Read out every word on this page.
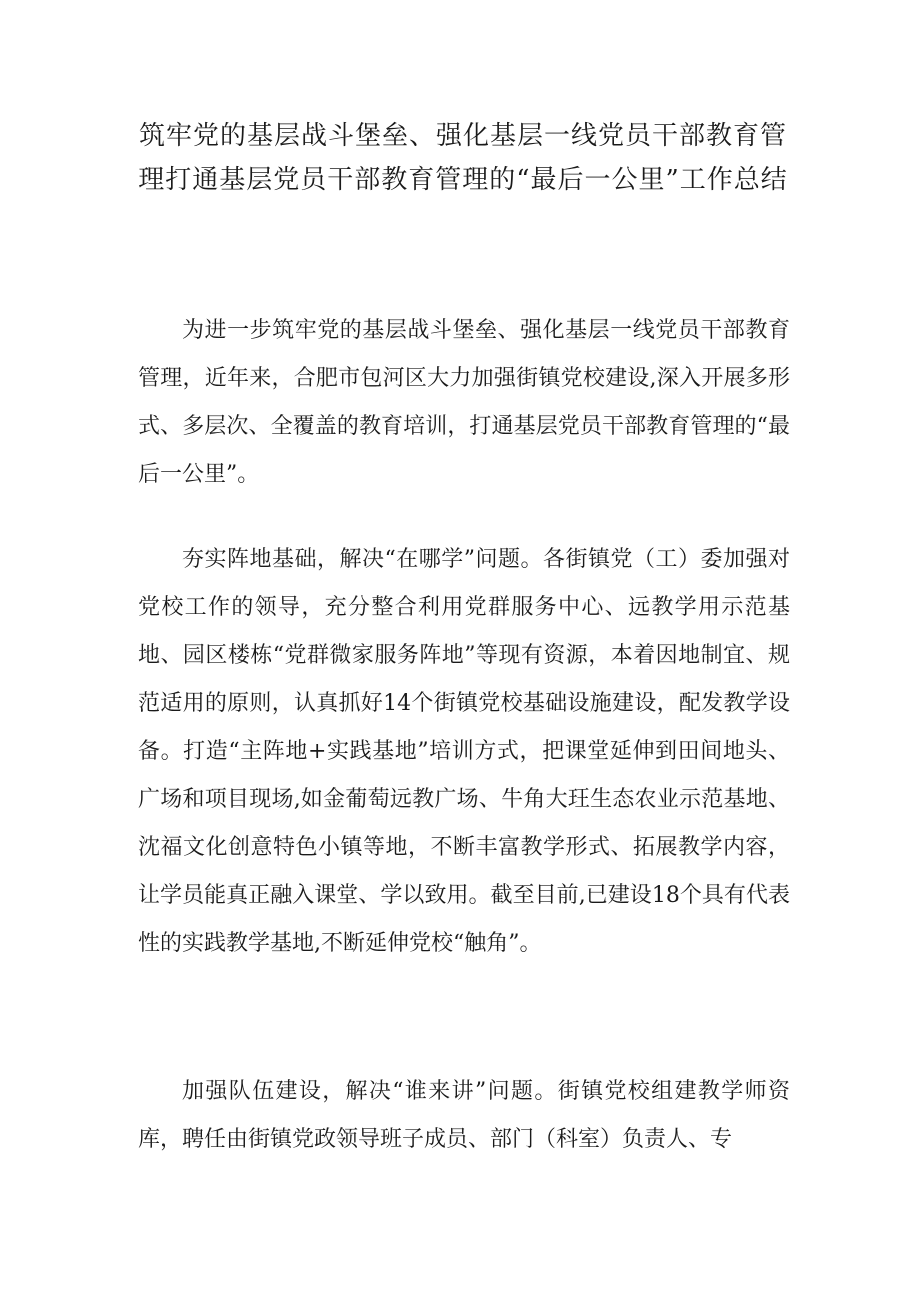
筑牢党的基层战斗堡垒、强化基层一线党员干部教育管理打通基层党员干部教育管理的“最后一公里”工作总结

为进一步筑牢党的基层战斗堡垒、强化基层一线党员干部教育管理，近年来，合肥市包河区大力加强街镇党校建设,深入开展多形式、多层次、全覆盖的教育培训，打通基层党员干部教育管理的“最后一公里”。

夯实阵地基础，解决“在哪学”问题。各街镇党（工）委加强对党校工作的领导，充分整合利用党群服务中心、远教学用示范基地、园区楼栋“党群微家服务阵地”等现有资源，本着因地制宜、规范适用的原则，认真抓好14个街镇党校基础设施建设，配发教学设备。打造“主阵地+实践基地”培训方式，把课堂延伸到田间地头、广场和项目现场,如金葡萄远教广场、牛角大玨生态农业示范基地、沈福文化创意特色小镇等地，不断丰富教学形式、拓展教学内容，让学员能真正融入课堂、学以致用。截至目前,已建设18个具有代表性的实践教学基地,不断延伸党校“触角”。

加强队伍建设，解决“谁来讲”问题。街镇党校组建教学师资库，聘任由街镇党政领导班子成员、部门（科室）负责人、专
